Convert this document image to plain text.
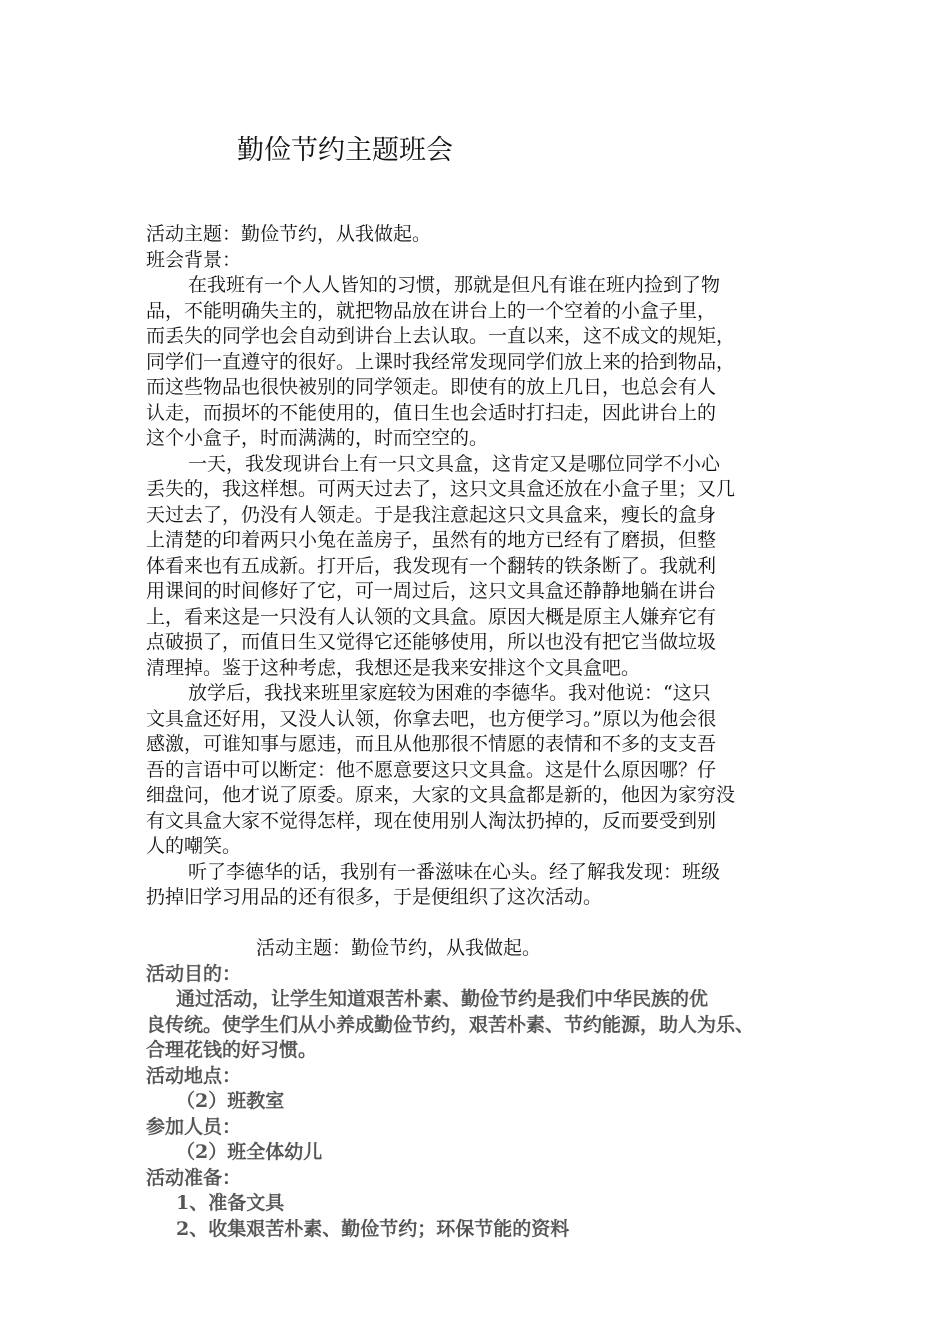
勤俭节约主题班会
活动主题：勤俭节约，从我做起。
班会背景：
在我班有一个人人皆知的习惯，那就是但凡有谁在班内捡到了物
品，不能明确失主的，就把物品放在讲台上的一个空着的小盒子里，
而丢失的同学也会自动到讲台上去认取。一直以来，这不成文的规矩，
同学们一直遵守的很好。上课时我经常发现同学们放上来的拾到物品，
而这些物品也很快被别的同学领走。即使有的放上几日，也总会有人
认走，而损坏的不能使用的，值日生也会适时打扫走，因此讲台上的
这个小盒子，时而满满的，时而空空的。
一天，我发现讲台上有一只文具盒，这肯定又是哪位同学不小心
丢失的，我这样想。可两天过去了，这只文具盒还放在小盒子里；又几
天过去了，仍没有人领走。于是我注意起这只文具盒来，瘦长的盒身
上清楚的印着两只小兔在盖房子，虽然有的地方已经有了磨损，但整
体看来也有五成新。打开后，我发现有一个翻转的铁条断了。我就利
用课间的时间修好了它，可一周过后，这只文具盒还静静地躺在讲台
上，看来这是一只没有人认领的文具盒。原因大概是原主人嫌弃它有
点破损了，而值日生又觉得它还能够使用，所以也没有把它当做垃圾
清理掉。鉴于这种考虑，我想还是我来安排这个文具盒吧。
放学后，我找来班里家庭较为困难的李德华。我对他说：“这只
文具盒还好用，又没人认领，你拿去吧，也方便学习。”原以为他会很
感激，可谁知事与愿违，而且从他那很不情愿的表情和不多的支支吾
吾的言语中可以断定：他不愿意要这只文具盒。这是什么原因哪？仔
细盘问，他才说了原委。原来，大家的文具盒都是新的，他因为家穷没
有文具盒大家不觉得怎样，现在使用别人淘汰扔掉的，反而要受到别
人的嘲笑。
听了李德华的话，我别有一番滋味在心头。经了解我发现：班级
扔掉旧学习用品的还有很多，于是便组织了这次活动。
活动主题：勤俭节约，从我做起。
活动目的：
通过活动，让学生知道艰苦朴素、勤俭节约是我们中华民族的优
良传统。使学生们从小养成勤俭节约，艰苦朴素、节约能源，助人为乐、
合理花钱的好习惯。
活动地点：
（2）班教室
参加人员：
（2）班全体幼儿
活动准备：
1、准备文具
2、收集艰苦朴素、勤俭节约；环保节能的资料
